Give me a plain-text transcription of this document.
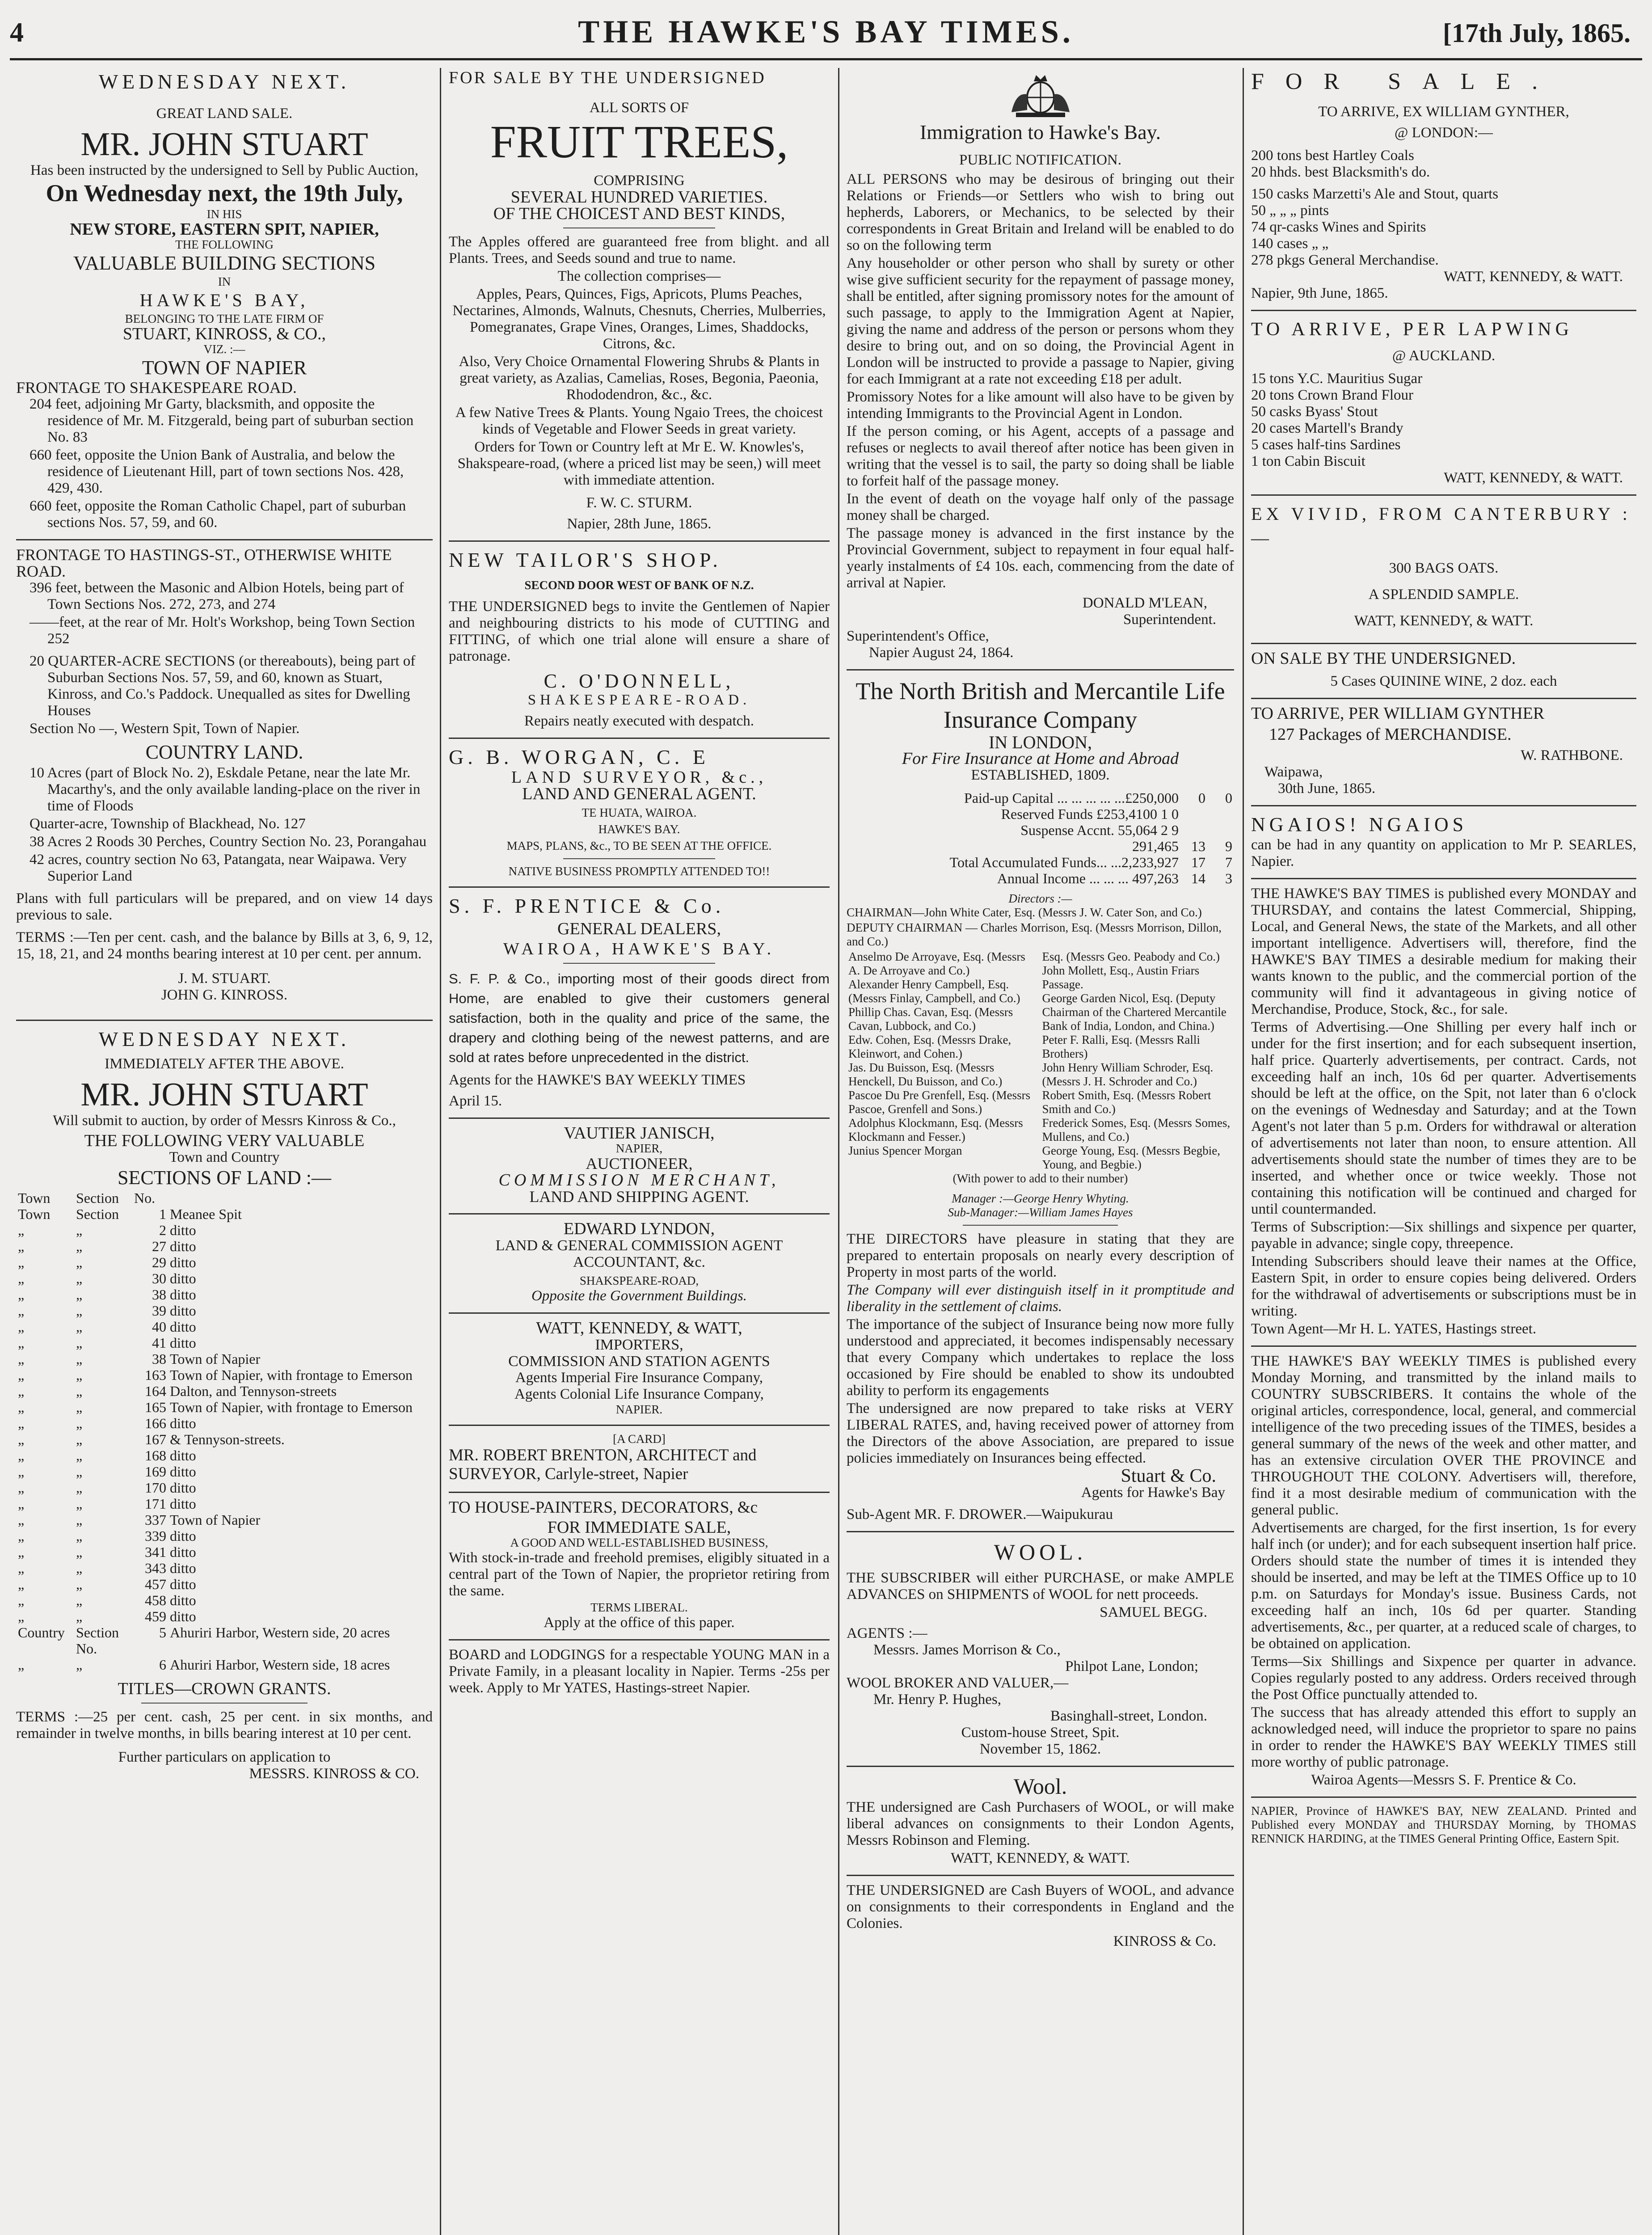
4	THE HAWKE'S BAY TIMES.	[17th July, 1865.
WEDNESDAY NEXT.
GREAT LAND SALE.
MR. JOHN STUART
Has been instructed by the undersigned to Sell by Public Auction,
On Wednesday next, the 19th July,
IN HIS
NEW STORE, EASTERN SPIT, NAPIER,
THE FOLLOWING
VALUABLE BUILDING SECTIONS
IN
HAWKE'S BAY,
BELONGING TO THE LATE FIRM OF
STUART, KINROSS, & CO.,
VIZ. :—
TOWN OF NAPIER
FRONTAGE TO SHAKESPEARE ROAD.

204 feet, adjoining Mr Garty, blacksmith, and opposite the residence of Mr. M. Fitzgerald, being part of suburban section No. 83

660 feet, opposite the Union Bank of Australia, and below the residence of Lieutenant Hill, part of town sections Nos. 428, 429, 430.

660 feet, opposite the Roman Catholic Chapel, part of suburban sections Nos. 57, 59, and 60.

FRONTAGE TO HASTINGS-ST., OTHERWISE WHITE ROAD.

396 feet, between the Masonic and Albion Hotels, being part of Town Sections Nos. 272, 273, and 274

——feet, at the rear of Mr. Holt's Workshop, being Town Section 252

20 QUARTER-ACRE SECTIONS (or thereabouts), being part of Suburban Sections Nos. 57, 59, and 60, known as Stuart, Kinross, and Co.'s Paddock. Unequalled as sites for Dwelling Houses

Section No —, Western Spit, Town of Napier.

COUNTRY LAND.

10 Acres (part of Block No. 2), Eskdale Petane, near the late Mr. Macarthy's, and the only available landing-place on the river in time of Floods

Quarter-acre, Township of Blackhead, No. 127

38 Acres 2 Roods 30 Perches, Country Section No. 23, Porangahau

42 acres, country section No 63, Patangata, near Waipawa. Very Superior Land

Plans with full particulars will be prepared, and on view 14 days previous to sale.

TERMS :—Ten per cent. cash, and the balance by Bills at 3, 6, 9, 12, 15, 18, 21, and 24 months bearing interest at 10 per cent. per annum.

J. M. STUART.
JOHN G. KINROSS.
WEDNESDAY NEXT.
IMMEDIATELY AFTER THE ABOVE.
MR. JOHN STUART
Will submit to auction, by order of Messrs Kinross & Co.,
THE FOLLOWING VERY VALUABLE
Town and Country
SECTIONS OF LAND :—
Town	Section	No.	
Town	Section	1	Meanee Spit
„	„	2	ditto
„	„	27	ditto
„	„	29	ditto
„	„	30	ditto
„	„	38	ditto
„	„	39	ditto
„	„	40	ditto
„	„	41	ditto
„	„	38	Town of Napier
„	„	163	Town of Napier, with frontage to Emerson
„	„	164	Dalton, and Tennyson-streets
„	„	165	Town of Napier, with frontage to Emerson
„	„	166	ditto
„	„	167	& Tennyson-streets.
„	„	168	ditto
„	„	169	ditto
„	„	170	ditto
„	„	171	ditto
„	„	337	Town of Napier
„	„	339	ditto
„	„	341	ditto
„	„	343	ditto
„	„	457	ditto
„	„	458	ditto
„	„	459	ditto
Country	Section No.	5	Ahuriri Harbor, Western side, 20 acres
„	„	6	Ahuriri Harbor, Western side, 18 acres
TITLES—CROWN GRANTS.

TERMS :—25 per cent. cash, 25 per cent. in six months, and remainder in twelve months, in bills bearing interest at 10 per cent.

Further particulars on application to
MESSRS. KINROSS & CO.
FOR SALE BY THE UNDERSIGNED
ALL SORTS OF
FRUIT TREES,
COMPRISING
SEVERAL HUNDRED VARIETIES.
OF THE CHOICEST AND BEST KINDS,

The Apples offered are guaranteed free from blight. and all Plants. Trees, and Seeds sound and true to name.

The collection comprises—

Apples, Pears, Quinces, Figs, Apricots, Plums Peaches, Nectarines, Almonds, Walnuts, Chesnuts, Cherries, Mulberries, Pomegranates, Grape Vines, Oranges, Limes, Shaddocks, Citrons, &c.

Also, Very Choice Ornamental Flowering Shrubs & Plants in great variety, as Azalias, Camelias, Roses, Begonia, Paeonia, Rhododendron, &c., &c.

A few Native Trees & Plants. Young Ngaio Trees, the choicest kinds of Vegetable and Flower Seeds in great variety.

Orders for Town or Country left at Mr E. W. Knowles's, Shakspeare-road, (where a priced list may be seen,) will meet with immediate attention.

F. W. C. STURM.
Napier, 28th June, 1865.
NEW TAILOR'S SHOP.
SECOND DOOR WEST OF BANK OF N.Z.

THE UNDERSIGNED begs to invite the Gentlemen of Napier and neighbouring districts to his mode of CUTTING and FITTING, of which one trial alone will ensure a share of patronage.

C. O'DONNELL,
SHAKESPEARE-ROAD.
Repairs neatly executed with despatch.
G. B. WORGAN, C. E
LAND SURVEYOR, &c.,
LAND AND GENERAL AGENT.
TE HUATA, WAIROA.
HAWKE'S BAY.
MAPS, PLANS, &c., TO BE SEEN AT THE OFFICE.
NATIVE BUSINESS PROMPTLY ATTENDED TO!!
S. F. PRENTICE & Co.
GENERAL DEALERS,
WAIROA, HAWKE'S BAY.

S. F. P. & Co., importing most of their goods direct from Home, are enabled to give their customers general satisfaction, both in the quality and price of the same, the drapery and clothing being of the newest patterns, and are sold at rates before unprecedented in the district.

Agents for the HAWKE'S BAY WEEKLY TIMES

April 15.

VAUTIER JANISCH,
NAPIER,
AUCTIONEER,
COMMISSION MERCHANT,
LAND AND SHIPPING AGENT.
EDWARD LYNDON,
LAND & GENERAL COMMISSION AGENT
ACCOUNTANT, &c.
SHAKSPEARE-ROAD,
Opposite the Government Buildings.
WATT, KENNEDY, & WATT,
IMPORTERS,
COMMISSION AND STATION AGENTS
Agents Imperial Fire Insurance Company,
Agents Colonial Life Insurance Company,
NAPIER.
[A CARD]

MR. ROBERT BRENTON, ARCHITECT and SURVEYOR, Carlyle-street, Napier

TO HOUSE-PAINTERS, DECORATORS, &c
FOR IMMEDIATE SALE,
A GOOD AND WELL-ESTABLISHED BUSINESS,

With stock-in-trade and freehold premises, eligibly situated in a central part of the Town of Napier, the proprietor retiring from the same.

TERMS LIBERAL.
Apply at the office of this paper.

BOARD and LODGINGS for a respectable YOUNG MAN in a Private Family, in a pleasant locality in Napier. Terms -25s per week. Apply to Mr YATES, Hastings-street Napier.

Immigration to Hawke's Bay.
PUBLIC NOTIFICATION.

ALL PERSONS who may be desirous of bringing out their Relations or Friends—or Settlers who wish to bring out hepherds, Laborers, or Mechanics, to be selected by their correspondents in Great Britain and Ireland will be enabled to do so on the following term

Any householder or other person who shall by surety or other wise give sufficient security for the repayment of passage money, shall be entitled, after signing promissory notes for the amount of such passage, to apply to the Immigration Agent at Napier, giving the name and address of the person or persons whom they desire to bring out, and on so doing, the Provincial Agent in London will be instructed to provide a passage to Napier, giving for each Immigrant at a rate not exceeding £18 per adult.

Promissory Notes for a like amount will also have to be given by intending Immigrants to the Provincial Agent in London.

If the person coming, or his Agent, accepts of a passage and refuses or neglects to avail thereof after notice has been given in writing that the vessel is to sail, the party so doing shall be liable to forfeit half of the passage money.

In the event of death on the voyage half only of the passage money shall be charged.

The passage money is advanced in the first instance by the Provincial Government, subject to repayment in four equal half-yearly instalments of £4 10s. each, commencing from the date of arrival at Napier.

DONALD M'LEAN,
Superintendent.
Superintendent's Office,
Napier August 24, 1864.
The North British and Mercantile Life Insurance Company
IN LONDON,
For Fire Insurance at Home and Abroad
ESTABLISHED, 1809.
Paid-up Capital ... ... ... ... ...£250,000	0	0
Reserved Funds £253,4100 1 0		
Suspense Accnt. 55,064 2 9		

291,465	13	9
Total Accumulated Funds... ...2,233,927	17	7
Annual Income ... ... ... 497,263	14	3
Directors :—

CHAIRMAN—John White Cater, Esq. (Messrs J. W. Cater Son, and Co.)

DEPUTY CHAIRMAN — Charles Morrison, Esq. (Messrs Morrison, Dillon, and Co.)

Anselmo De Arroyave, Esq. (Messrs A. De Arroyave and Co.)
Alexander Henry Campbell, Esq. (Messrs Finlay, Campbell, and Co.)
Phillip Chas. Cavan, Esq. (Messrs Cavan, Lubbock, and Co.)
Edw. Cohen, Esq. (Messrs Drake, Kleinwort, and Cohen.)
Jas. Du Buisson, Esq. (Messrs Henckell, Du Buisson, and Co.)
Pascoe Du Pre Grenfell, Esq. (Messrs Pascoe, Grenfell and Sons.)
Adolphus Klockmann, Esq. (Messrs Klockmann and Fesser.)
Junius Spencer Morgan

Esq. (Messrs Geo. Peabody and Co.)
John Mollett, Esq., Austin Friars Passage.
George Garden Nicol, Esq. (Deputy Chairman of the Chartered Mercantile Bank of India, London, and China.)
Peter F. Ralli, Esq. (Messrs Ralli Brothers)
John Henry William Schroder, Esq. (Messrs J. H. Schroder and Co.)
Robert Smith, Esq. (Messrs Robert Smith and Co.)
Frederick Somes, Esq. (Messrs Somes, Mullens, and Co.)
George Young, Esq. (Messrs Begbie, Young, and Begbie.)
(With power to add to their number)
Manager :—George Henry Whyting.
Sub-Manager:—William James Hayes

THE DIRECTORS have pleasure in stating that they are prepared to entertain proposals on nearly every description of Property in most parts of the world.

The Company will ever distinguish itself in it promptitude and liberality in the settlement of claims.

The importance of the subject of Insurance being now more fully understood and appreciated, it becomes indispensably necessary that every Company which undertakes to replace the loss occasioned by Fire should be enabled to show its undoubted ability to perform its engagements

The undersigned are now prepared to take risks at VERY LIBERAL RATES, and, having received power of attorney from the Directors of the above Association, are prepared to issue policies immediately on Insurances being effected.

Stuart & Co.
Agents for Hawke's Bay
Sub-Agent MR. F. DROWER.—Waipukurau
WOOL.

THE SUBSCRIBER will either PURCHASE, or make AMPLE ADVANCES on SHIPMENTS of WOOL for nett proceeds.

SAMUEL BEGG.
AGENTS :—
Messrs. James Morrison & Co.,
Philpot Lane, London;
WOOL BROKER AND VALUER,—
Mr. Henry P. Hughes,
Basinghall-street, London.
Custom-house Street, Spit.
November 15, 1862.
Wool.

THE undersigned are Cash Purchasers of WOOL, or will make liberal advances on consignments to their London Agents, Messrs Robinson and Fleming.

WATT, KENNEDY, & WATT.

THE UNDERSIGNED are Cash Buyers of WOOL, and advance on consignments to their correspondents in England and the Colonies.

KINROSS & Co.
FOR SALE.
TO ARRIVE, EX WILLIAM GYNTHER,
@ LONDON:—
200 tons best Hartley Coals
20 hhds. best Blacksmith's do.
150 casks Marzetti's Ale and Stout, quarts
50 „ „ „ pints
74 qr-casks Wines and Spirits
140 cases „ „
278 pkgs General Merchandise.
WATT, KENNEDY, & WATT.
Napier, 9th June, 1865.
TO ARRIVE, PER LAPWING
@ AUCKLAND.
15 tons Y.C. Mauritius Sugar
20 tons Crown Brand Flour
50 casks Byass' Stout
20 cases Martell's Brandy
5 cases half-tins Sardines
1 ton Cabin Biscuit
WATT, KENNEDY, & WATT.
EX VIVID, FROM CANTERBURY :—
300 BAGS OATS.
A SPLENDID SAMPLE.
WATT, KENNEDY, & WATT.
ON SALE BY THE UNDERSIGNED.
5 Cases QUININE WINE, 2 doz. each
TO ARRIVE, PER WILLIAM GYNTHER
127 Packages of MERCHANDISE.
W. RATHBONE.
Waipawa,
30th June, 1865.
NGAIOS! NGAIOS

can be had in any quantity on application to Mr P. SEARLES, Napier.

THE HAWKE'S BAY TIMES is published every MONDAY and THURSDAY, and contains the latest Commercial, Shipping, Local, and General News, the state of the Markets, and all other important intelligence. Advertisers will, therefore, find the HAWKE'S BAY TIMES a desirable medium for making their wants known to the public, and the commercial portion of the community will find it advantageous in giving notice of Merchandise, Produce, Stock, &c., for sale.

Terms of Advertising.—One Shilling per every half inch or under for the first insertion; and for each subsequent insertion, half price. Quarterly advertisements, per contract. Cards, not exceeding half an inch, 10s 6d per quarter. Advertisements should be left at the office, on the Spit, not later than 6 o'clock on the evenings of Wednesday and Saturday; and at the Town Agent's not later than 5 p.m. Orders for withdrawal or alteration of advertisements not later than noon, to ensure attention. All advertisements should state the number of times they are to be inserted, and whether once or twice weekly. Those not containing this notification will be continued and charged for until countermanded.

Terms of Subscription:—Six shillings and sixpence per quarter, payable in advance; single copy, threepence.

Intending Subscribers should leave their names at the Office, Eastern Spit, in order to ensure copies being delivered. Orders for the withdrawal of advertisements or subscriptions must be in writing.

Town Agent—Mr H. L. YATES, Hastings street.

THE HAWKE'S BAY WEEKLY TIMES is published every Monday Morning, and transmitted by the inland mails to COUNTRY SUBSCRIBERS. It contains the whole of the original articles, correspondence, local, general, and commercial intelligence of the two preceding issues of the TIMES, besides a general summary of the news of the week and other matter, and has an extensive circulation OVER THE PROVINCE and THROUGHOUT THE COLONY. Advertisers will, therefore, find it a most desirable medium of communication with the general public.

Advertisements are charged, for the first insertion, 1s for every half inch (or under); and for each subsequent insertion half price. Orders should state the number of times it is intended they should be inserted, and may be left at the TIMES Office up to 10 p.m. on Saturdays for Monday's issue. Business Cards, not exceeding half an inch, 10s 6d per quarter. Standing advertisements, &c., per quarter, at a reduced scale of charges, to be obtained on application.

Terms—Six Shillings and Sixpence per quarter in advance. Copies regularly posted to any address. Orders received through the Post Office punctually attended to.

The success that has already attended this effort to supply an acknowledged need, will induce the proprietor to spare no pains in order to render the HAWKE'S BAY WEEKLY TIMES still more worthy of public patronage.

Wairoa Agents—Messrs S. F. Prentice & Co.

NAPIER, Province of HAWKE'S BAY, NEW ZEALAND. Printed and Published every MONDAY and THURSDAY Morning, by THOMAS RENNICK HARDING, at the TIMES General Printing Office, Eastern Spit.
